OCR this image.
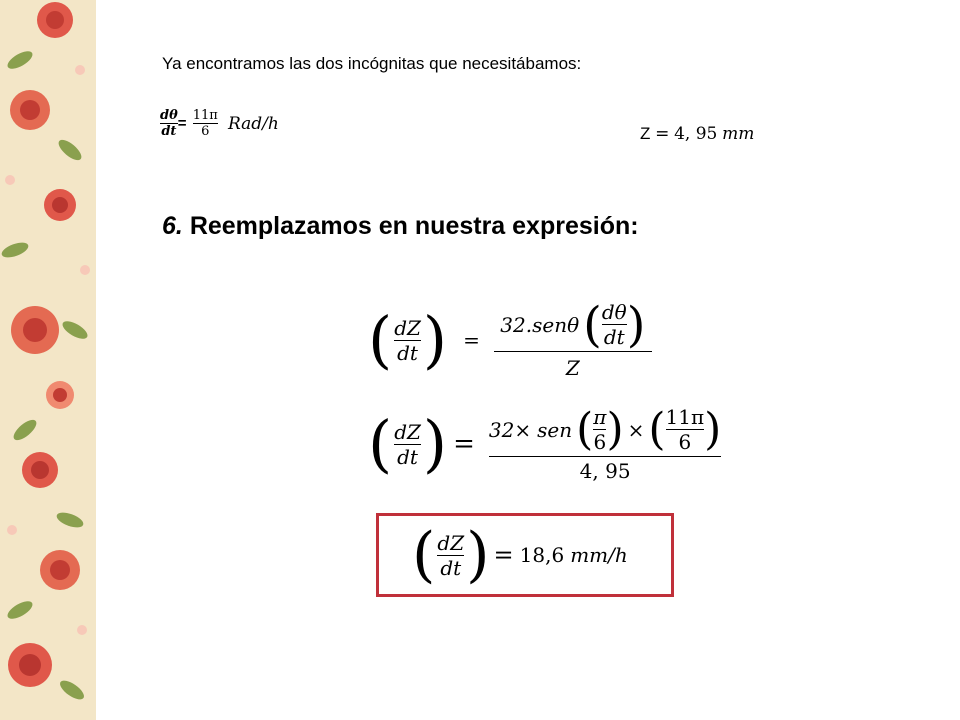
Ya encontramos las dos incógnitas que necesitábamos:
$\frac{d\theta}{dt} = \frac{11\pi}{6} Rad/h$	Z = 4, 95 mm
6. Reemplazamos en nuestra expresión:
( $\frac{dZ}{dt}$ ) =
32.senθ ( $\frac{d\theta}{dt}$ )
Z
( $\frac{dZ}{dt}$ ) = 32 × sen ( $\frac{\pi}{6}$ ) × ( $\frac{11\pi}{6}$ )
4, 95
( $\frac{dZ}{dt}$ ) = 18,6 mm/h
